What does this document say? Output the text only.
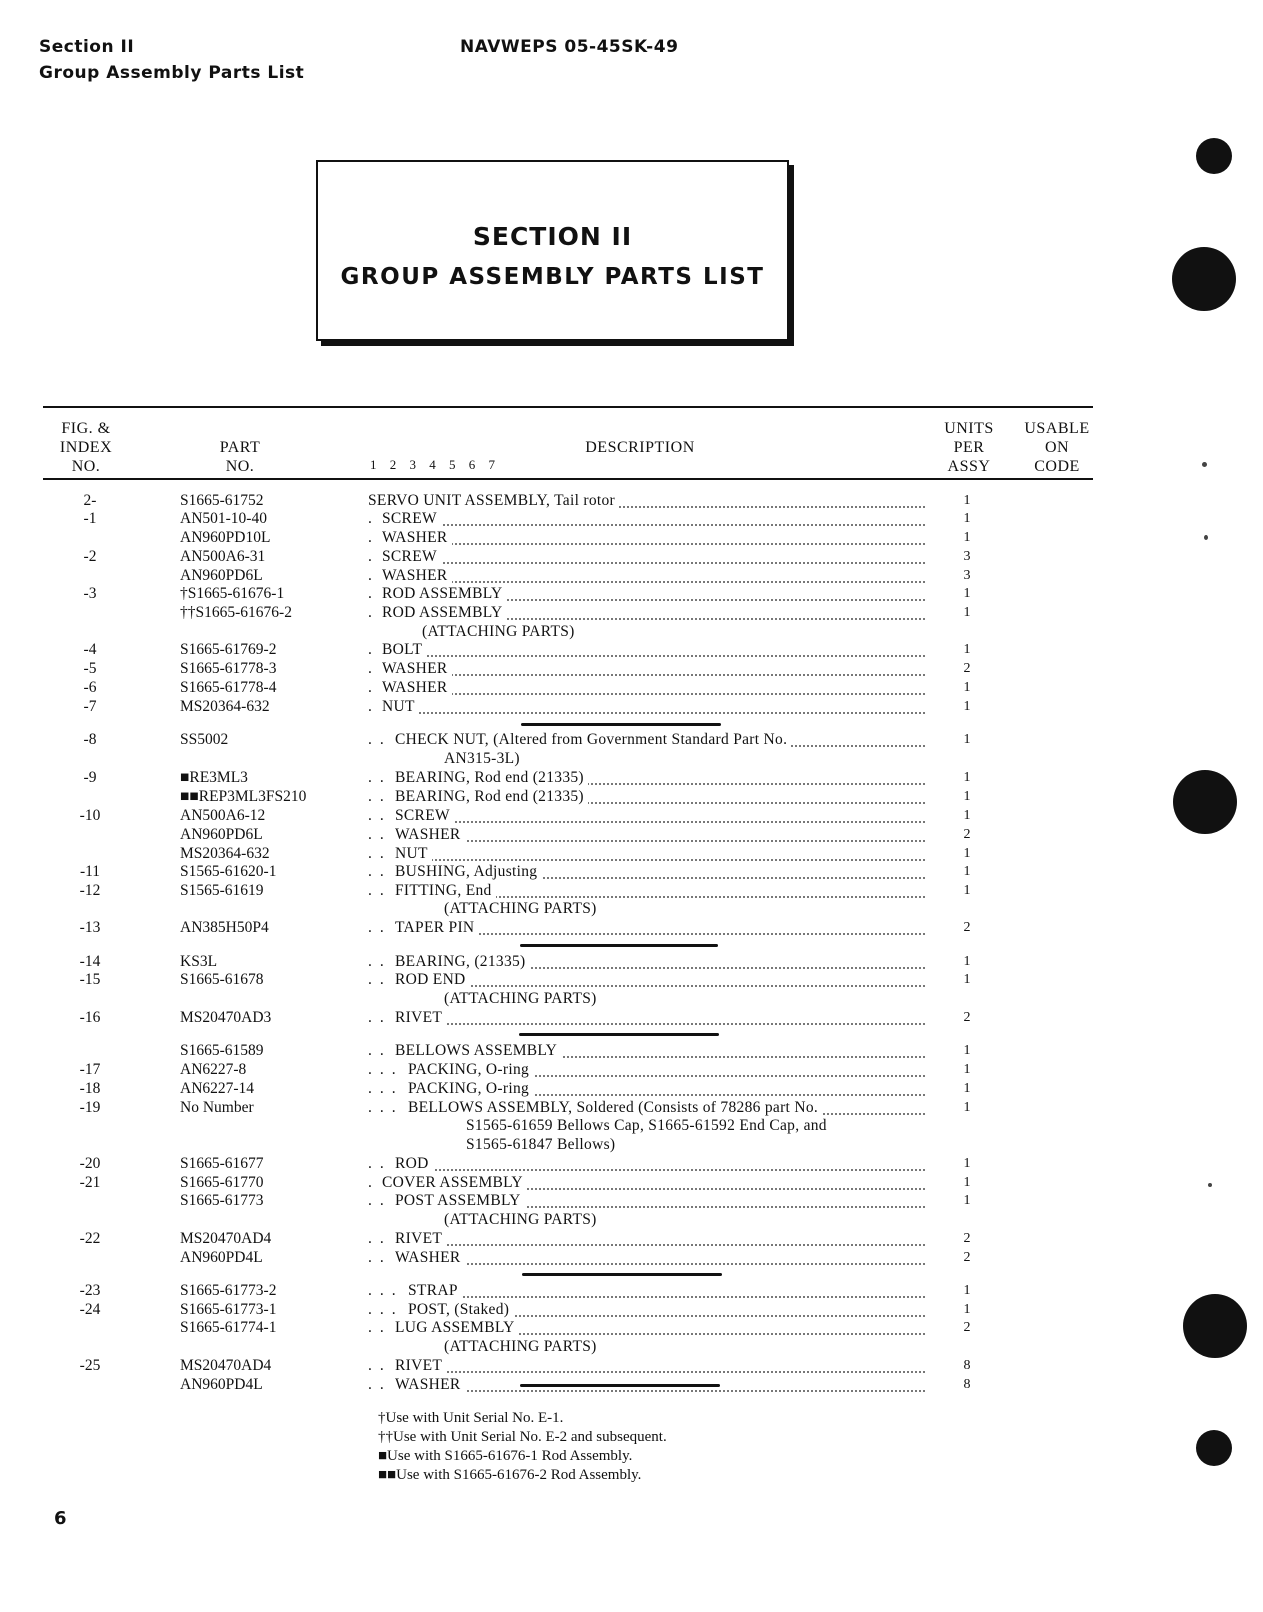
Section II
Group Assembly Parts List
NAVWEPS 05-45SK-49
SECTION II
GROUP ASSEMBLY PARTS LIST
FIG. &
INDEX
NO.
PART
NO.
DESCRIPTION
1 2 3 4 5 6 7
UNITS
PER
ASSY
USABLE
ON
CODE
2-	S1665-61752	SERVO UNIT ASSEMBLY, Tail rotor	1
-1	AN501-10-40	. SCREW	1
AN960PD10L	. WASHER	1
-2	AN500A6-31	. SCREW	3
AN960PD6L	. WASHER	3
-3	†S1665-61676-1	. ROD ASSEMBLY	1
††S1665-61676-2	. ROD ASSEMBLY	1
(ATTACHING PARTS)
-4	S1665-61769-2	. BOLT	1
-5	S1665-61778-3	. WASHER	2
-6	S1665-61778-4	. WASHER	1
-7	MS20364-632	. NUT	1
-8	SS5002	.. CHECK NUT, (Altered from Government Standard Part No.	1
AN315-3L)
-9	■RE3ML3	.. BEARING, Rod end (21335)	1
■■REP3ML3FS210	.. BEARING, Rod end (21335)	1
-10	AN500A6-12	.. SCREW	1
AN960PD6L	.. WASHER	2
MS20364-632	.. NUT	1
-11	S1565-61620-1	.. BUSHING, Adjusting	1
-12	S1565-61619	.. FITTING, End	1
(ATTACHING PARTS)
-13	AN385H50P4	.. TAPER PIN	2
-14	KS3L	.. BEARING, (21335)	1
-15	S1665-61678	.. ROD END	1
(ATTACHING PARTS)
-16	MS20470AD3	.. RIVET	2
S1665-61589	.. BELLOWS ASSEMBLY	1
-17	AN6227-8	... PACKING, O-ring	1
-18	AN6227-14	... PACKING, O-ring	1
-19	No Number	... BELLOWS ASSEMBLY, Soldered (Consists of 78286 part No.	1
S1565-61659 Bellows Cap, S1665-61592 End Cap, and
S1565-61847 Bellows)
-20	S1665-61677	.. ROD	1
-21	S1665-61770	. COVER ASSEMBLY	1
S1665-61773	.. POST ASSEMBLY	1
(ATTACHING PARTS)
-22	MS20470AD4	.. RIVET	2
AN960PD4L	.. WASHER	2
-23	S1665-61773-2	... STRAP	1
-24	S1665-61773-1	... POST, (Staked)	1
S1665-61774-1	.. LUG ASSEMBLY	2
(ATTACHING PARTS)
-25	MS20470AD4	.. RIVET	8
AN960PD4L	.. WASHER	8
†Use with Unit Serial No. E-1.
††Use with Unit Serial No. E-2 and subsequent.
■Use with S1665-61676-1 Rod Assembly.
■■Use with S1665-61676-2 Rod Assembly.
6
